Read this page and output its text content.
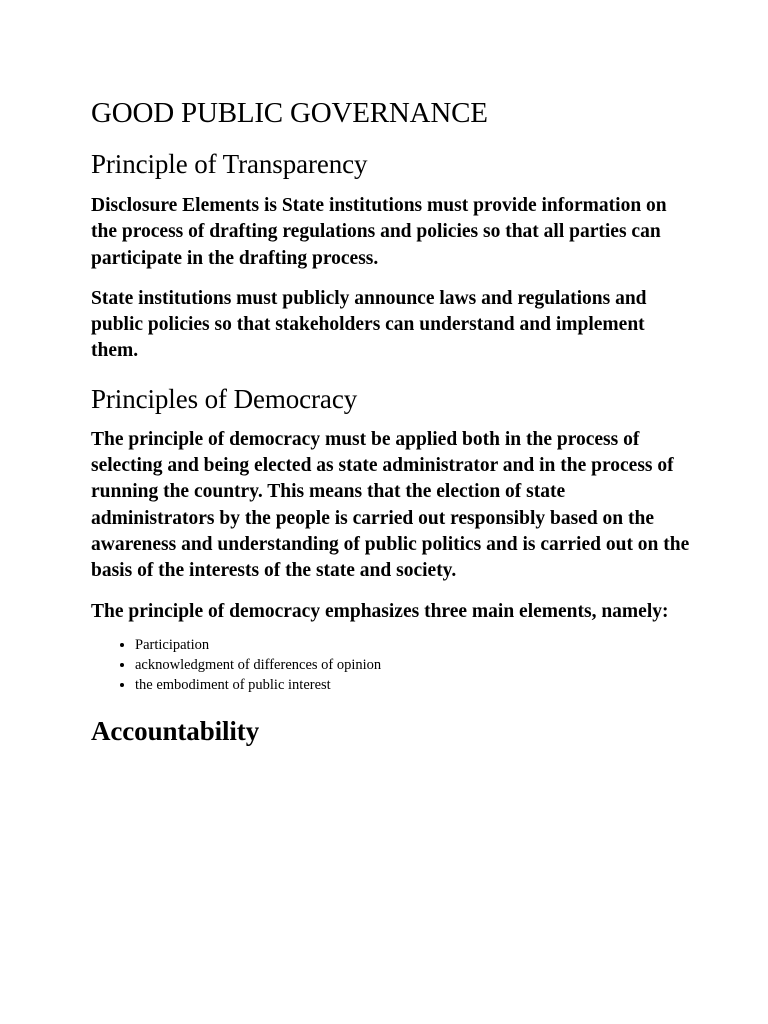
GOOD PUBLIC GOVERNANCE
Principle of Transparency

Disclosure Elements is State institutions must provide information on the process of drafting regulations and policies so that all parties can participate in the drafting process.

State institutions must publicly announce laws and regulations and public policies so that stakeholders can understand and implement them.

Principles of Democracy

The principle of democracy must be applied both in the process of selecting and being elected as state administrator and in the process of running the country. This means that the election of state administrators by the people is carried out responsibly based on the awareness and understanding of public politics and is carried out on the basis of the interests of the state and society.

The principle of democracy emphasizes three main elements, namely:

• Participation
• acknowledgment of differences of opinion
• the embodiment of public interest
Accountability
